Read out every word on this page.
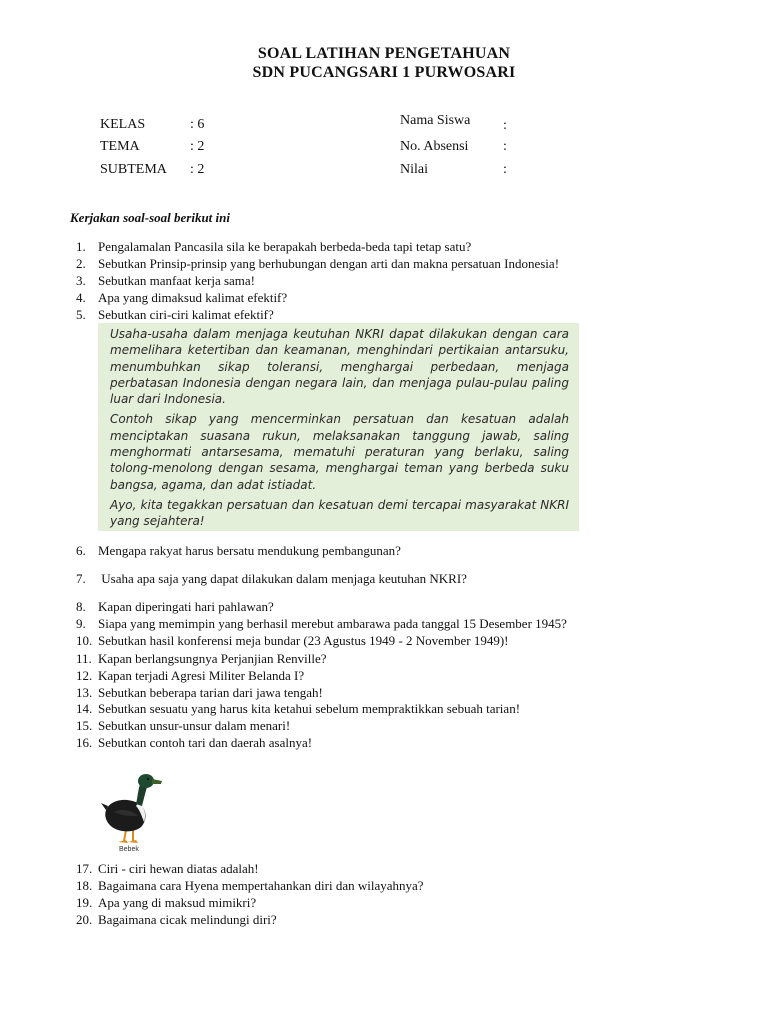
SOAL LATIHAN PENGETAHUAN
SDN PUCANGSARI 1 PURWOSARI
KELAS	: 6
TEMA	: 2
SUBTEMA : 2
Nama Siswa :
No. Absensi :
Nilai	:
Kerjakan soal-soal berikut ini
1. Pengalamalan Pancasila sila ke berapakah berbeda-beda tapi tetap satu?
2. Sebutkan Prinsip-prinsip yang berhubungan dengan arti dan makna persatuan Indonesia!
3. Sebutkan manfaat kerja sama!
4. Apa yang dimaksud kalimat efektif?
5. Sebutkan ciri-ciri kalimat efektif?

Usaha-usaha dalam menjaga keutuhan NKRI dapat dilakukan dengan cara memelihara ketertiban dan keamanan, menghindari pertikaian antarsuku, menumbuhkan sikap toleransi, menghargai perbedaan, menjaga perbatasan Indonesia dengan negara lain, dan menjaga pulau-pulau paling luar dari Indonesia.

Contoh sikap yang mencerminkan persatuan dan kesatuan adalah menciptakan suasana rukun, melaksanakan tanggung jawab, saling menghormati antarsesama, mematuhi peraturan yang berlaku, saling tolong-menolong dengan sesama, menghargai teman yang berbeda suku bangsa, agama, dan adat istiadat.

Ayo, kita tegakkan persatuan dan kesatuan demi tercapai masyarakat NKRI yang sejahtera!

6. Mengapa rakyat harus bersatu mendukung pembangunan?
7. Usaha apa saja yang dapat dilakukan dalam menjaga keutuhan NKRI?
8. Kapan diperingati hari pahlawan?
9. Siapa yang memimpin yang berhasil merebut ambarawa pada tanggal 15 Desember 1945?
10. Sebutkan hasil konferensi meja bundar (23 Agustus 1949 - 2 November 1949)!
11. Kapan berlangsungnya Perjanjian Renville?
12. Kapan terjadi Agresi Militer Belanda I?
13. Sebutkan beberapa tarian dari jawa tengah!
14. Sebutkan sesuatu yang harus kita ketahui sebelum mempraktikkan sebuah tarian!
15. Sebutkan unsur-unsur dalam menari!
16. Sebutkan contoh tari dan daerah asalnya!
Bebek
17. Ciri - ciri hewan diatas adalah!
18. Bagaimana cara Hyena mempertahankan diri dan wilayahnya?
19. Apa yang di maksud mimikri?
20. Bagaimana cicak melindungi diri?
